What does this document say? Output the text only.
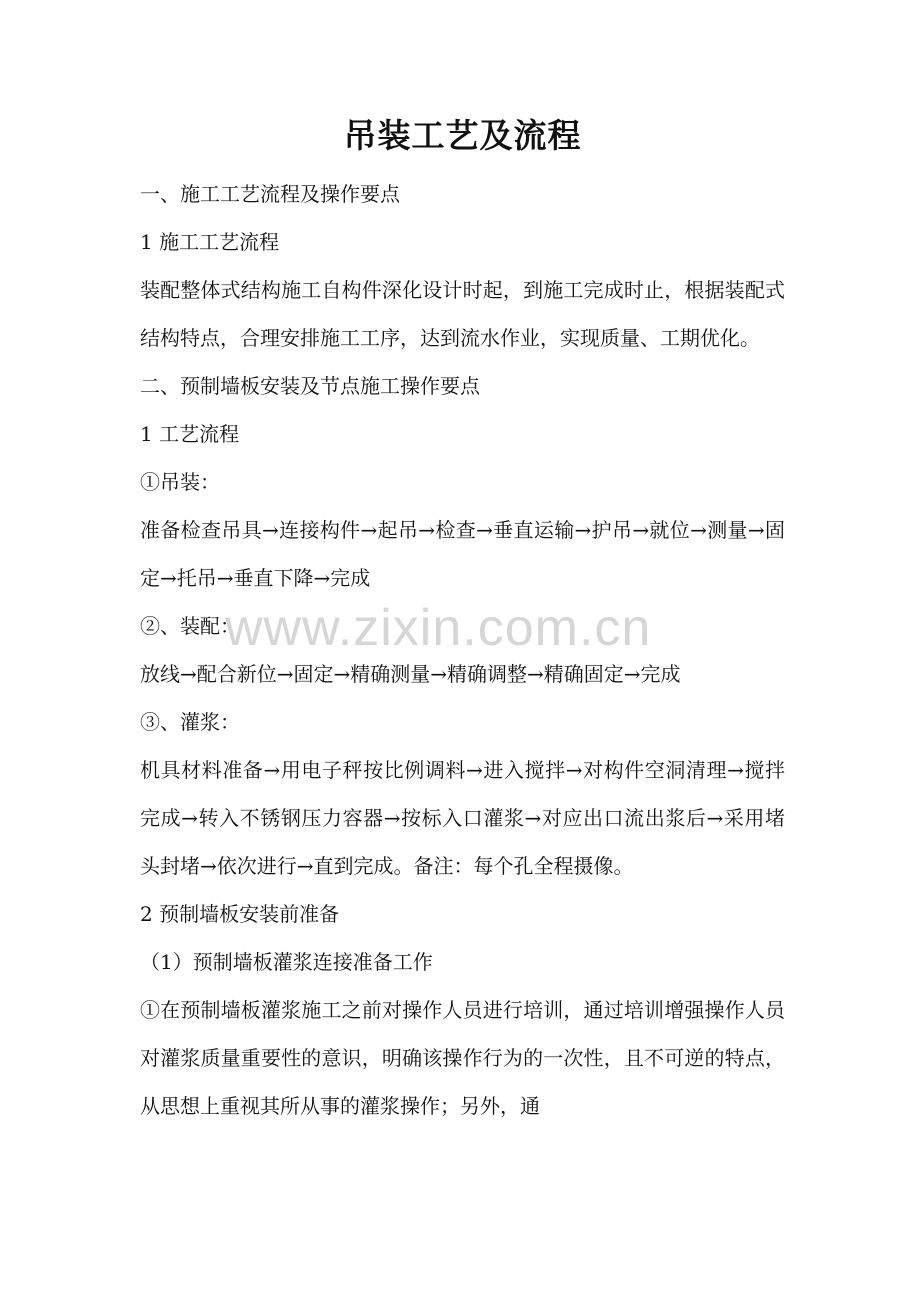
吊装工艺及流程

一、施工工艺流程及操作要点

1 施工工艺流程

装配整体式结构施工自构件深化设计时起，到施工完成时止，根据装配式结构特点，合理安排施工工序，达到流水作业，实现质量、工期优化。

二、预制墙板安装及节点施工操作要点

1 工艺流程

①吊装：

准备检查吊具→连接构件→起吊→检查→垂直运输→护吊→就位→测量→固定→托吊→垂直下降→完成

②、装配：

放线→配合新位→固定→精确测量→精确调整→精确固定→完成

③、灌浆：

机具材料准备→用电子秤按比例调料→进入搅拌→对构件空洞清理→搅拌完成→转入不锈钢压力容器→按标入口灌浆→对应出口流出浆后→采用堵头封堵→依次进行→直到完成。备注：每个孔全程摄像。

2 预制墙板安装前准备

（1）预制墙板灌浆连接准备工作

①在预制墙板灌浆施工之前对操作人员进行培训，通过培训增强操作人员对灌浆质量重要性的意识，明确该操作行为的一次性，且不可逆的特点，从思想上重视其所从事的灌浆操作；另外，通

www.zixin.com.cn
